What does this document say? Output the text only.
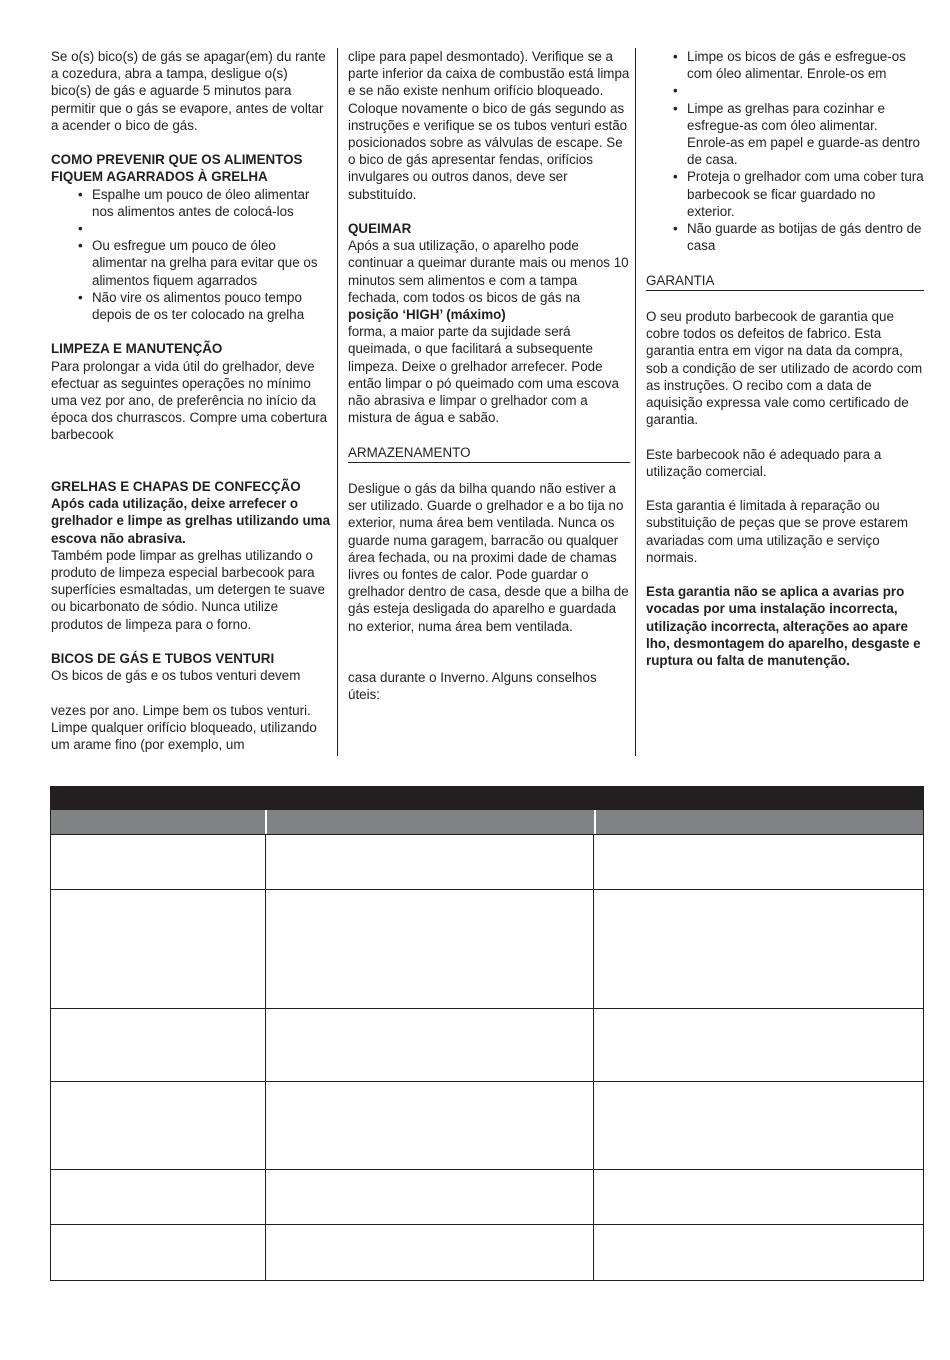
Se o(s) bico(s) de gás se apagar(em) du rante a cozedura, abra a tampa, desligue o(s) bico(s) de gás e aguarde 5 minutos para permitir que o gás se evapore, antes de voltar a acender o bico de gás.

COMO PREVENIR QUE OS ALIMENTOS

FIQUEM AGARRADOS À GRELHA

• Espalhe um pouco de óleo alimentar nos alimentos antes de colocá-los
•
• Ou esfregue um pouco de óleo alimentar na grelha para evitar que os alimentos fiquem agarrados
• Não vire os alimentos pouco tempo depois de os ter colocado na grelha

LIMPEZA E MANUTENÇÃO

Para prolongar a vida útil do grelhador, deve efectuar as seguintes operações no mínimo uma vez por ano, de preferência no início da época dos churrascos. Compre uma cobertura barbecook

GRELHAS E CHAPAS DE CONFECÇÃO

Após cada utilização, deixe arrefecer o grelhador e limpe as grelhas utilizando uma escova não abrasiva.

Também pode limpar as grelhas utilizando o produto de limpeza especial barbecook para superfícies esmaltadas, um detergen te suave ou bicarbonato de sódio. Nunca utilize produtos de limpeza para o forno.

BICOS DE GÁS E TUBOS VENTURI

Os bicos de gás e os tubos venturi devem

vezes por ano. Limpe bem os tubos venturi. Limpe qualquer orifício bloqueado, utilizando um arame fino (por exemplo, um

clipe para papel desmontado). Verifique se a parte inferior da caixa de combustão está limpa e se não existe nenhum orifício bloqueado. Coloque novamente o bico de gás segundo as instruções e verifique se os tubos venturi estão posicionados sobre as válvulas de escape. Se o bico de gás apresentar fendas, orifícios invulgares ou outros danos, deve ser substituído.

QUEIMAR

Após a sua utilização, o aparelho pode continuar a queimar durante mais ou menos 10 minutos sem alimentos e com a tampa fechada, com todos os bicos de gás na posição ‘HIGH’ (máximo)
forma, a maior parte da sujidade será queimada, o que facilitará a subsequente limpeza. Deixe o grelhador arrefecer. Pode então limpar o pó queimado com uma escova não abrasiva e limpar o grelhador com a mistura de água e sabão.

ARMAZENAMENTO

Desligue o gás da bilha quando não estiver a ser utilizado. Guarde o grelhador e a bo tija no exterior, numa área bem ventilada. Nunca os guarde numa garagem, barracão ou qualquer área fechada, ou na proximi dade de chamas livres ou fontes de calor. Pode guardar o grelhador dentro de casa, desde que a bilha de gás esteja desligada do aparelho e guardada no exterior, numa área bem ventilada.

casa durante o Inverno. Alguns conselhos úteis:

• Limpe os bicos de gás e esfregue-os com óleo alimentar. Enrole-os em
•
• Limpe as grelhas para cozinhar e esfregue-as com óleo alimentar. Enrole-as em papel e guarde-as dentro de casa.
• Proteja o grelhador com uma cober tura barbecook se ficar guardado no exterior.
• Não guarde as botijas de gás dentro de casa

GARANTIA

O seu produto barbecook de garantia que cobre todos os defeitos de fabrico. Esta garantia entra em vigor na data da compra, sob a condição de ser utilizado de acordo com as instruções. O recibo com a data de aquisição expressa vale como certificado de garantia.

Este barbecook não é adequado para a utilização comercial.

Esta garantia é limitada à reparação ou substituição de peças que se prove estarem avariadas com uma utilização e serviço normais.

Esta garantia não se aplica a avarias pro vocadas por uma instalação incorrecta, utilização incorrecta, alterações ao apare lho, desmontagem do aparelho, desgaste e ruptura ou falta de manutenção.
